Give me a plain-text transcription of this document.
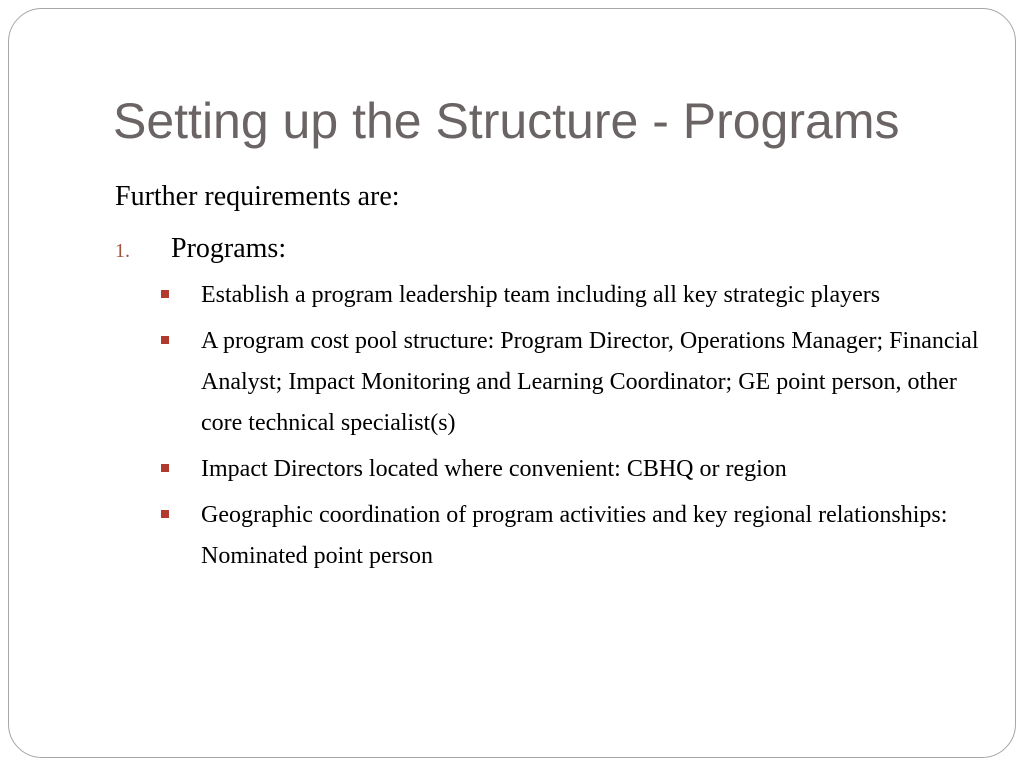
Setting up the Structure - Programs

Further requirements are:

1. Programs:
Establish a program leadership team including all key strategic players
A program cost pool structure: Program Director, Operations Manager; Financial Analyst; Impact Monitoring and Learning Coordinator; GE point person, other core technical specialist(s)
Impact Directors located where convenient: CBHQ or region
Geographic coordination of program activities and key regional relationships: Nominated point person
